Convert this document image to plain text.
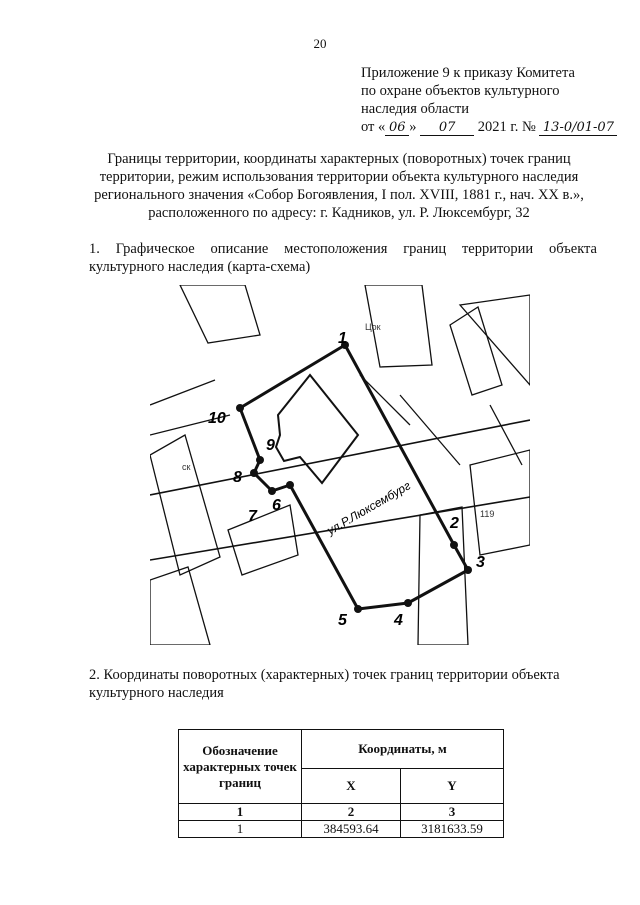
20
Приложение 9 к приказу Комитета
по охране объектов культурного
наследия области
от « 06 » 07 2021 г. № 13-0/01-07
Границы территории, координаты характерных (поворотных) точек границ территории, режим использования территории объекта культурного наследия регионального значения «Собор Богоявления, I пол. XVIII, 1881 г., нач. XX в.», расположенного по адресу: г. Кадников, ул. Р. Люксембург, 32
1. Графическое описание местоположения границ территории объекта культурного наследия (карта-схема)
ул.Р.Люксембург
ск
Цок
119
1
2
3
4
5
6
7
8
9
10
2. Координаты поворотных (характерных) точек границ территории объекта культурного наследия
Обозначение характерных точек границ	Координаты, м	
	X	Y
1	2	3
1	384593.64	3181633.59
